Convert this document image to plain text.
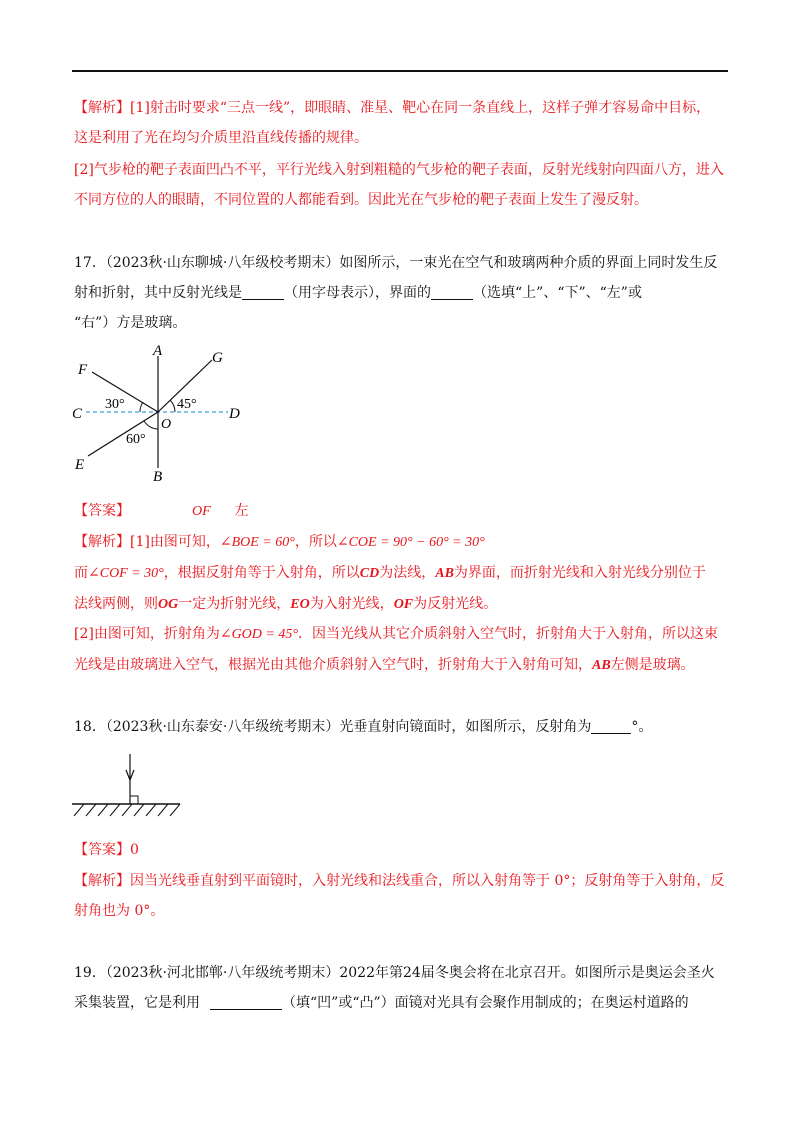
【解析】[1]射击时要求“三点一线”，即眼睛、准星、靶心在同一条直线上，这样子弹才容易命中目标，
这是利用了光在均匀介质里沿直线传播的规律。

[2]气步枪的靶子表面凹凸不平，平行光线入射到粗糙的气步枪的靶子表面，反射光线射向四面八方，进入
不同方位的人的眼睛，不同位置的人都能看到。因此光在气步枪的靶子表面上发生了漫反射。

17．（2023秋·山东聊城·八年级校考期末）如图所示，一束光在空气和玻璃两种介质的界面上同时发生反
射和折射，其中反射光线是	（用字母表示），界面的	（选填“上”、“下”、“左”或
“右”）方是玻璃。

A
B
C	D
E
F
G
O
30°	45°
60°

【答案】	OF 左

【解析】[1]由图可知，∠BOE = 60°，所以∠COE = 90° − 60° = 30°
而∠COF = 30°，根据反射角等于入射角，所以CD为法线，AB为界面，而折射光线和入射光线分别位于
法线两侧，则OG一定为折射光线，EO为入射光线，OF为反射光线。

[2]由图可知，折射角为∠GOD = 45°．因当光线从其它介质斜射入空气时，折射角大于入射角，所以这束
光线是由玻璃进入空气，根据光由其他介质斜射入空气时，折射角大于入射角可知，AB左侧是玻璃。

18．（2023秋·山东泰安·八年级统考期末）光垂直射向镜面时，如图所示，反射角为	°。

【答案】0

【解析】因当光线垂直射到平面镜时，入射光线和法线重合，所以入射角等于 0°；反射角等于入射角，反
射角也为 0°。

19．（2023秋·河北邯郸·八年级统考期末）2022年第24届冬奥会将在北京召开。如图所示是奥运会圣火
采集装置，它是利用	（填“凹”或“凸”）面镜对光具有会聚作用制成的；在奥运村道路的
